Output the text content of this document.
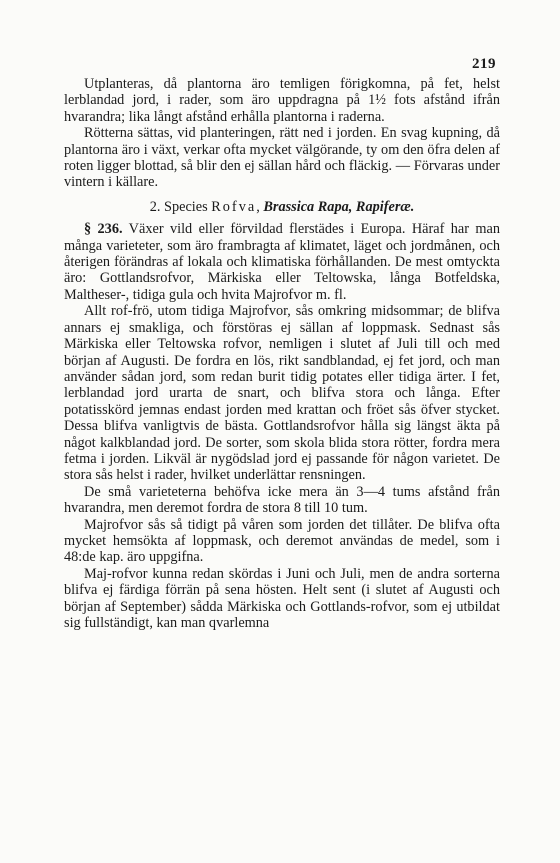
219

Utplanteras, då plantorna äro temligen förigkomna, på fet, helst lerblandad jord, i rader, som äro uppdragna på 1½ fots afstånd ifrån hvarandra; lika långt afstånd erhålla plantorna i raderna.

Rötterna sättas, vid planteringen, rätt ned i jorden. En svag kupning, då plantorna äro i växt, verkar ofta mycket välgörande, ty om den öfra delen af roten ligger blottad, så blir den ej sällan hård och fläckig. — Förvaras under vintern i källare.

2. Species Rofva, Brassica Rapa, Rapiferæ.

§ 236. Växer vild eller förvildad flerstädes i Europa. Häraf har man många varieteter, som äro frambragta af klimatet, läget och jordmånen, och återigen förändras af lokala och klimatiska förhållanden. De mest omtyckta äro: Gottlandsrofvor, Märkiska eller Teltowska, långa Botfeldska, Maltheser-, tidiga gula och hvita Majrofvor m. fl.

Allt rof-frö, utom tidiga Majrofvor, sås omkring midsommar; de blifva annars ej smakliga, och förstöras ej sällan af loppmask. Sednast sås Märkiska eller Teltowska rofvor, nemligen i slutet af Juli till och med början af Augusti. De fordra en lös, rikt sandblandad, ej fet jord, och man använder sådan jord, som redan burit tidig potates eller tidiga ärter. I fet, lerblandad jord urarta de snart, och blifva stora och långa. Efter potatisskörd jemnas endast jorden med krattan och fröet sås öfver stycket. Dessa blifva vanligtvis de bästa. Gottlandsrofvor hålla sig längst äkta på något kalkblandad jord. De sorter, som skola blida stora rötter, fordra mera fetma i jorden. Likväl är nygödslad jord ej passande för någon varietet. De stora sås helst i rader, hvilket underlättar rensningen.

De små varieteterna behöfva icke mera än 3—4 tums afstånd från hvarandra, men deremot fordra de stora 8 till 10 tum.

Majrofvor sås så tidigt på våren som jorden det tillåter. De blifva ofta mycket hemsökta af loppmask, och deremot användas de medel, som i 48:de kap. äro uppgifna.

Maj-rofvor kunna redan skördas i Juni och Juli, men de andra sorterna blifva ej färdiga förrän på sena hösten. Helt sent (i slutet af Augusti och början af September) sådda Märkiska och Gottlands-rofvor, som ej utbildat sig fullständigt, kan man qvarlemna
